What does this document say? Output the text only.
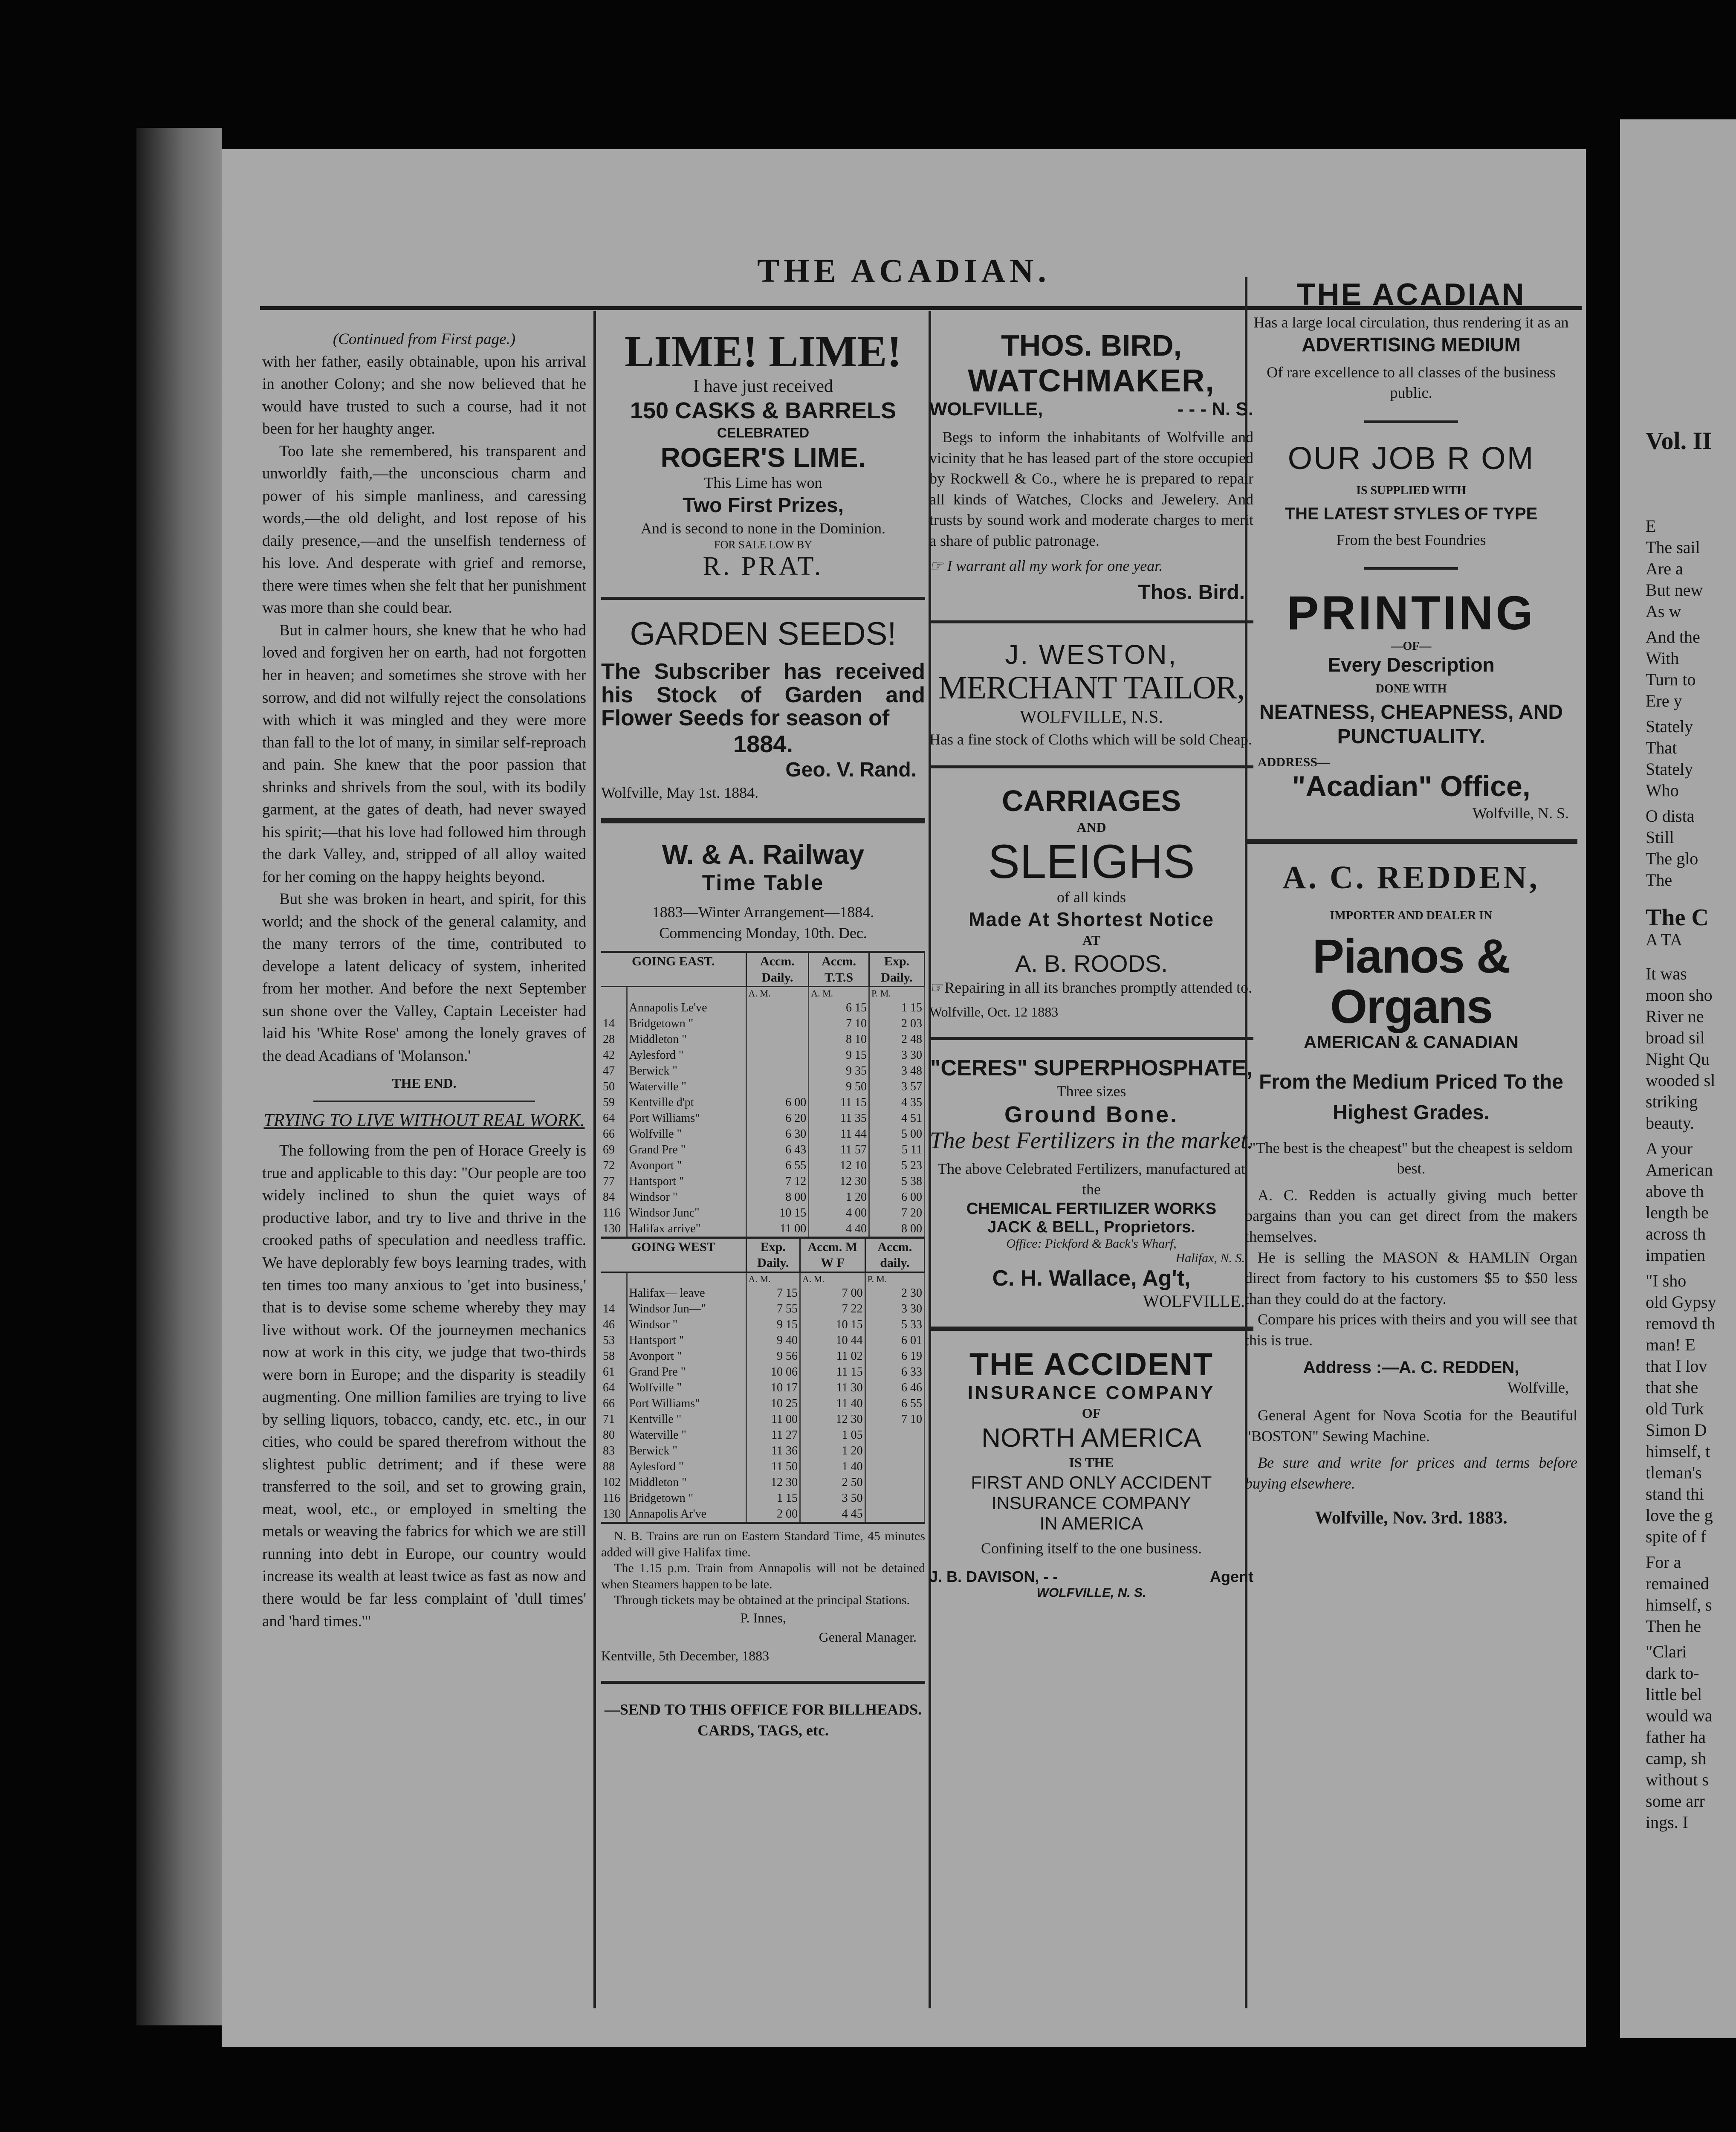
THE ACADIAN.
(Continued from First page.)

with her father, easily obtainable, upon his arrival in another Colony; and she now believed that he would have trusted to such a course, had it not been for her haughty anger.

Too late she remembered, his transparent and unworldly faith,—the unconscious charm and power of his simple manliness, and caressing words,—the old delight, and lost repose of his daily presence,—and the unselfish tenderness of his love. And desperate with grief and remorse, there were times when she felt that her punishment was more than she could bear.

But in calmer hours, she knew that he who had loved and forgiven her on earth, had not forgotten her in heaven; and sometimes she strove with her sorrow, and did not wilfully reject the consolations with which it was mingled and they were more than fall to the lot of many, in similar self-reproach and pain. She knew that the poor passion that shrinks and shrivels from the soul, with its bodily garment, at the gates of death, had never swayed his spirit;—that his love had followed him through the dark Valley, and, stripped of all alloy waited for her coming on the happy heights beyond.

But she was broken in heart, and spirit, for this world; and the shock of the general calamity, and the many terrors of the time, contributed to develope a latent delicacy of system, inherited from her mother. And before the next September sun shone over the Valley, Captain Leceister had laid his 'White Rose' among the lonely graves of the dead Acadians of 'Molanson.'

THE END.
TRYING TO LIVE WITHOUT REAL WORK.

The following from the pen of Horace Greely is true and applicable to this day: "Our people are too widely inclined to shun the quiet ways of productive labor, and try to live and thrive in the crooked paths of speculation and needless traffic. We have deplorably few boys learning trades, with ten times too many anxious to 'get into business,' that is to devise some scheme whereby they may live without work. Of the journeymen mechanics now at work in this city, we judge that two-thirds were born in Europe; and the disparity is steadily augmenting. One million families are trying to live by selling liquors, tobacco, candy, etc. etc., in our cities, who could be spared therefrom without the slightest public detriment; and if these were transferred to the soil, and set to growing grain, meat, wool, etc., or employed in smelting the metals or weaving the fabrics for which we are still running into debt in Europe, our country would increase its wealth at least twice as fast as now and there would be far less complaint of 'dull times' and 'hard times.'"

LIME! LIME!
I have just received
150 CASKS & BARRELS
CELEBRATED
ROGER'S LIME.
This Lime has won
Two First Prizes,
And is second to none in the Dominion.
FOR SALE LOW BY
R. PRAT.
GARDEN SEEDS!
The Subscriber has received his Stock of Garden and Flower Seeds for season of
1884.
Geo. V. Rand.
Wolfville, May 1st. 1884.
W. & A. Railway
Time Table
1883—Winter Arrangement—1884.
Commencing Monday, 10th. Dec.
GOING EAST.		Accm. Daily.	Accm. T.T.S	Exp. Daily.
		A. M.	A. M.	P. M.
	Annapolis Le've		6 15	1 15
14	Bridgetown "		7 10	2 03
28	Middleton "		8 10	2 48
42	Aylesford "		9 15	3 30
47	Berwick "		9 35	3 48
50	Waterville "		9 50	3 57
59	Kentville d'pt	6 00	11 15	4 35
64	Port Williams"	6 20	11 35	4 51
66	Wolfville "	6 30	11 44	5 00
69	Grand Pre "	6 43	11 57	5 11
72	Avonport "	6 55	12 10	5 23
77	Hantsport "	7 12	12 30	5 38
84	Windsor "	8 00	1 20	6 00
116	Windsor Junc"	10 15	4 00	7 20
130	Halifax arrive"	11 00	4 40	8 00
GOING WEST		Exp. Daily.	Accm. M W F	Accm. daily.
		A. M.	A. M.	P. M.
	Halifax— leave	7 15	7 00	2 30
14	Windsor Jun—"	7 55	7 22	3 30
46	Windsor "	9 15	10 15	5 33
53	Hantsport "	9 40	10 44	6 01
58	Avonport "	9 56	11 02	6 19
61	Grand Pre "	10 06	11 15	6 33
64	Wolfville "	10 17	11 30	6 46
66	Port Williams"	10 25	11 40	6 55
71	Kentville "	11 00	12 30	7 10
80	Waterville "	11 27	1 05	
83	Berwick "	11 36	1 20	
88	Aylesford "	11 50	1 40	
102	Middleton "	12 30	2 50	
116	Bridgetown "	1 15	3 50	
130	Annapolis Ar've	2 00	4 45	
N. B. Trains are run on Eastern Standard Time, 45 minutes added will give Halifax time.
The 1.15 p.m. Train from Annapolis will not be detained when Steamers happen to be late.
Through tickets may be obtained at the principal Stations.
P. Innes,
General Manager.
Kentville, 5th December, 1883
—SEND TO THIS OFFICE FOR BILLHEADS. CARDS, TAGS, etc.
THOS. BIRD,
WATCHMAKER,
WOLFVILLE,	- - - N. S.
Begs to inform the inhabitants of Wolfville and vicinity that he has leased part of the store occupied by Rockwell & Co., where he is prepared to repair all kinds of Watches, Clocks and Jewelery. And trusts by sound work and moderate charges to merit a share of public patronage.
☞ I warrant all my work for one year.
Thos. Bird.
J. WESTON,
MERCHANT TAILOR,
WOLFVILLE, N.S.
Has a fine stock of Cloths which will be sold Cheap.
CARRIAGES
AND
SLEIGHS
of all kinds
Made At Shortest Notice
AT
A. B. ROODS.
☞Repairing in all its branches promptly attended to.
Wolfville, Oct. 12 1883
"CERES" SUPERPHOSPHATE,
Three sizes
Ground Bone.
The best Fertilizers in the market.
The above Celebrated Fertilizers, manufactured at the
CHEMICAL FERTILIZER WORKS
JACK & BELL, Proprietors.
Office: Pickford & Back's Wharf,
Halifax, N. S.
C. H. Wallace, Ag't,
WOLFVILLE.
THE ACCIDENT
INSURANCE COMPANY
OF
NORTH AMERICA
IS THE
FIRST AND ONLY ACCIDENT
INSURANCE COMPANY
IN AMERICA
Confining itself to the one business.
J. B. DAVISON, - -	Agent
WOLFVILLE, N. S.
THE ACADIAN
Has a large local circulation, thus rendering it as an
ADVERTISING MEDIUM
Of rare excellence to all classes of the business public.
OUR JOB R OM
IS SUPPLIED WITH
THE LATEST STYLES OF TYPE
From the best Foundries
PRINTING
—OF—
Every Description
DONE WITH
NEATNESS, CHEAPNESS, AND PUNCTUALITY.
ADDRESS—
"Acadian" Office,
Wolfville, N. S.
A. C. REDDEN,
IMPORTER AND DEALER IN
Pianos & Organs
AMERICAN & CANADIAN
From the Medium Priced To the Highest Grades.
"The best is the cheapest" but the cheapest is seldom best.
A. C. Redden is actually giving much better bargains than you can get direct from the makers themselves.
He is selling the MASON & HAMLIN Organ direct from factory to his customers $5 to $50 less than they could do at the factory.
Compare his prices with theirs and you will see that this is true.
Address :—A. C. REDDEN,
Wolfville,
General Agent for Nova Scotia for the Beautiful "BOSTON" Sewing Machine.
Be sure and write for prices and terms before buying elsewhere.
Wolfville, Nov. 3rd. 1883.
Vol. II
E
The sail
Are a
But new
As w
And the
With
Turn to
Ere y
Stately
That
Stately
Who
O dista
Still
The glo
The
The C
A TA
It was
moon sho
River ne
broad sil
Night Qu
wooded sl
striking
beauty.
A your
American
above th
length be
across th
impatien
"I sho
old Gypsy
removd th
man! E
that I lov
that she
old Turk
Simon D
himself, t
tleman's
stand thi
love the g
spite of f
For a
remained
himself, s
Then he
"Clari
dark to-
little bel
would wa
father ha
camp, sh
without s
some arr
ings. I
